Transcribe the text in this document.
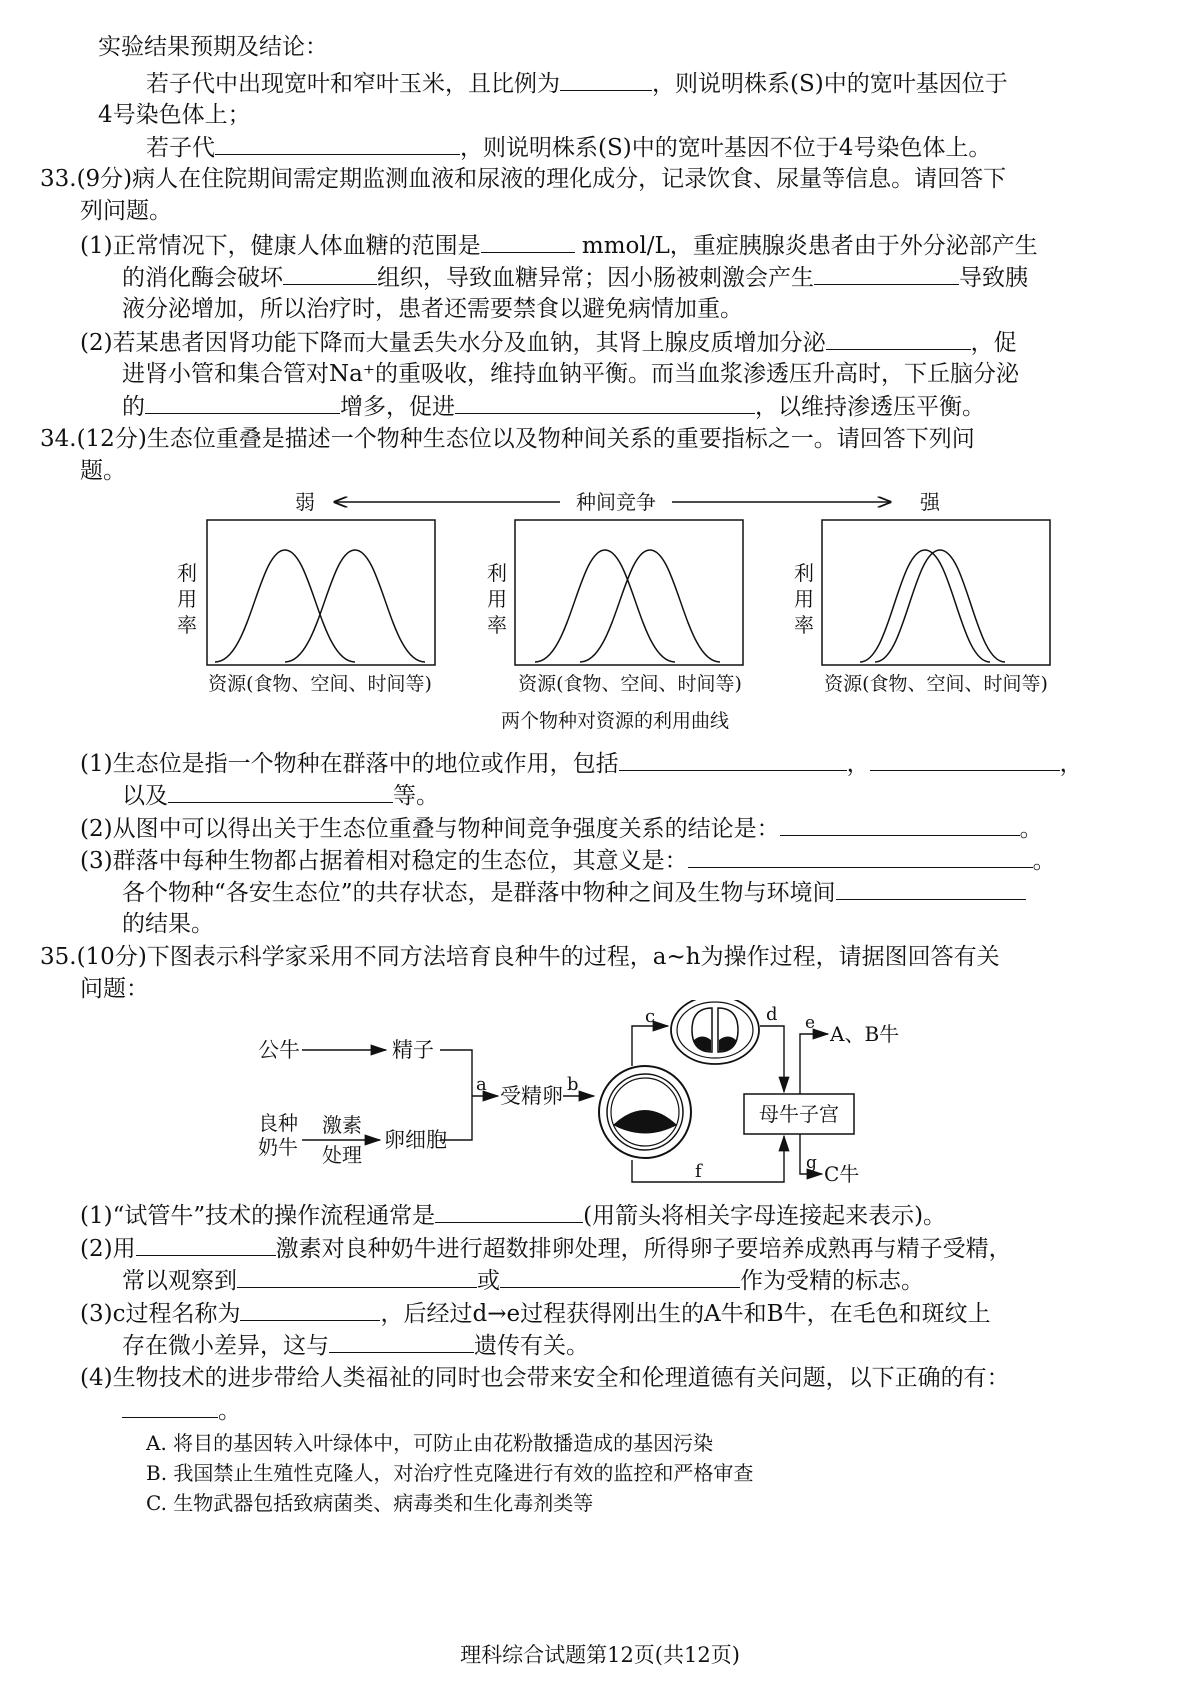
实验结果预期及结论：
若子代中出现宽叶和窄叶玉米，且比例为	，则说明株系(S)中的宽叶基因位于
4号染色体上；
若子代	，则说明株系(S)中的宽叶基因不位于4号染色体上。
33.(9分)病人在住院期间需定期监测血液和尿液的理化成分，记录饮食、尿量等信息。请回答下
列问题。
(1)正常情况下，健康人体血糖的范围是	mmol/L，重症胰腺炎患者由于外分泌部产生
的消化酶会破坏	组织，导致血糖异常；因小肠被刺激会产生	导致胰
液分泌增加，所以治疗时，患者还需要禁食以避免病情加重。
(2)若某患者因肾功能下降而大量丢失水分及血钠，其肾上腺皮质增加分泌	，促
进肾小管和集合管对Na⁺的重吸收，维持血钠平衡。而当血浆渗透压升高时，下丘脑分泌
的	增多，促进	，以维持渗透压平衡。
34.(12分)生态位重叠是描述一个物种生态位以及物种间关系的重要指标之一。请回答下列问
题。
弱	种间竞争	强
利
用
率
资源(食物、空间、时间等)
利
用
率
资源(食物、空间、时间等)
利
用
率
资源(食物、空间、时间等)
两个物种对资源的利用曲线
(1)生态位是指一个物种在群落中的地位或作用，包括	，	，
以及	等。
(2)从图中可以得出关于生态位重叠与物种间竞争强度关系的结论是：	。
(3)群落中每种生物都占据着相对稳定的生态位，其意义是：	。
各个物种“各安生态位”的共存状态，是群落中物种之间及生物与环境间
的结果。
35.(10分)下图表示科学家采用不同方法培育良种牛的过程，a~h为操作过程，请据图回答有关
问题：
公牛	精子
a 受精卵 b
良种
奶牛
激素
处理
卵细胞
c	d
母牛子宫
e A、B牛
f	g C牛
(1)“试管牛”技术的操作流程通常是	(用箭头将相关字母连接起来表示)。
(2)用	激素对良种奶牛进行超数排卵处理，所得卵子要培养成熟再与精子受精，
常以观察到	或	作为受精的标志。
(3)c过程名称为	，后经过d→e过程获得刚出生的A牛和B牛，在毛色和斑纹上
存在微小差异，这与	遗传有关。
(4)生物技术的进步带给人类福祉的同时也会带来安全和伦理道德有关问题，以下正确的有：
。
A. 将目的基因转入叶绿体中，可防止由花粉散播造成的基因污染
B. 我国禁止生殖性克隆人，对治疗性克隆进行有效的监控和严格审查
C. 生物武器包括致病菌类、病毒类和生化毒剂类等
理科综合试题第12页(共12页)
